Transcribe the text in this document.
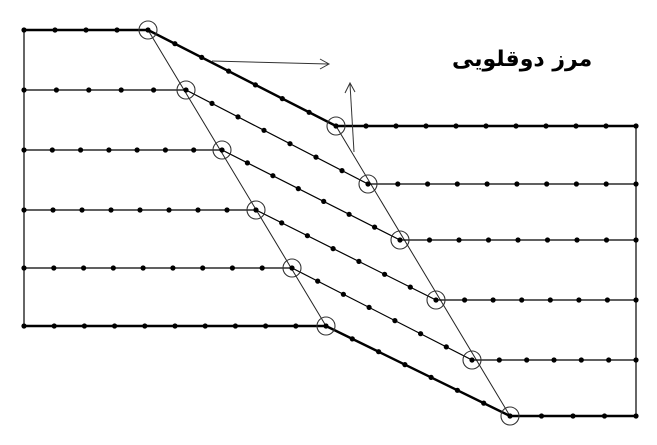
مرز دوقلویی
